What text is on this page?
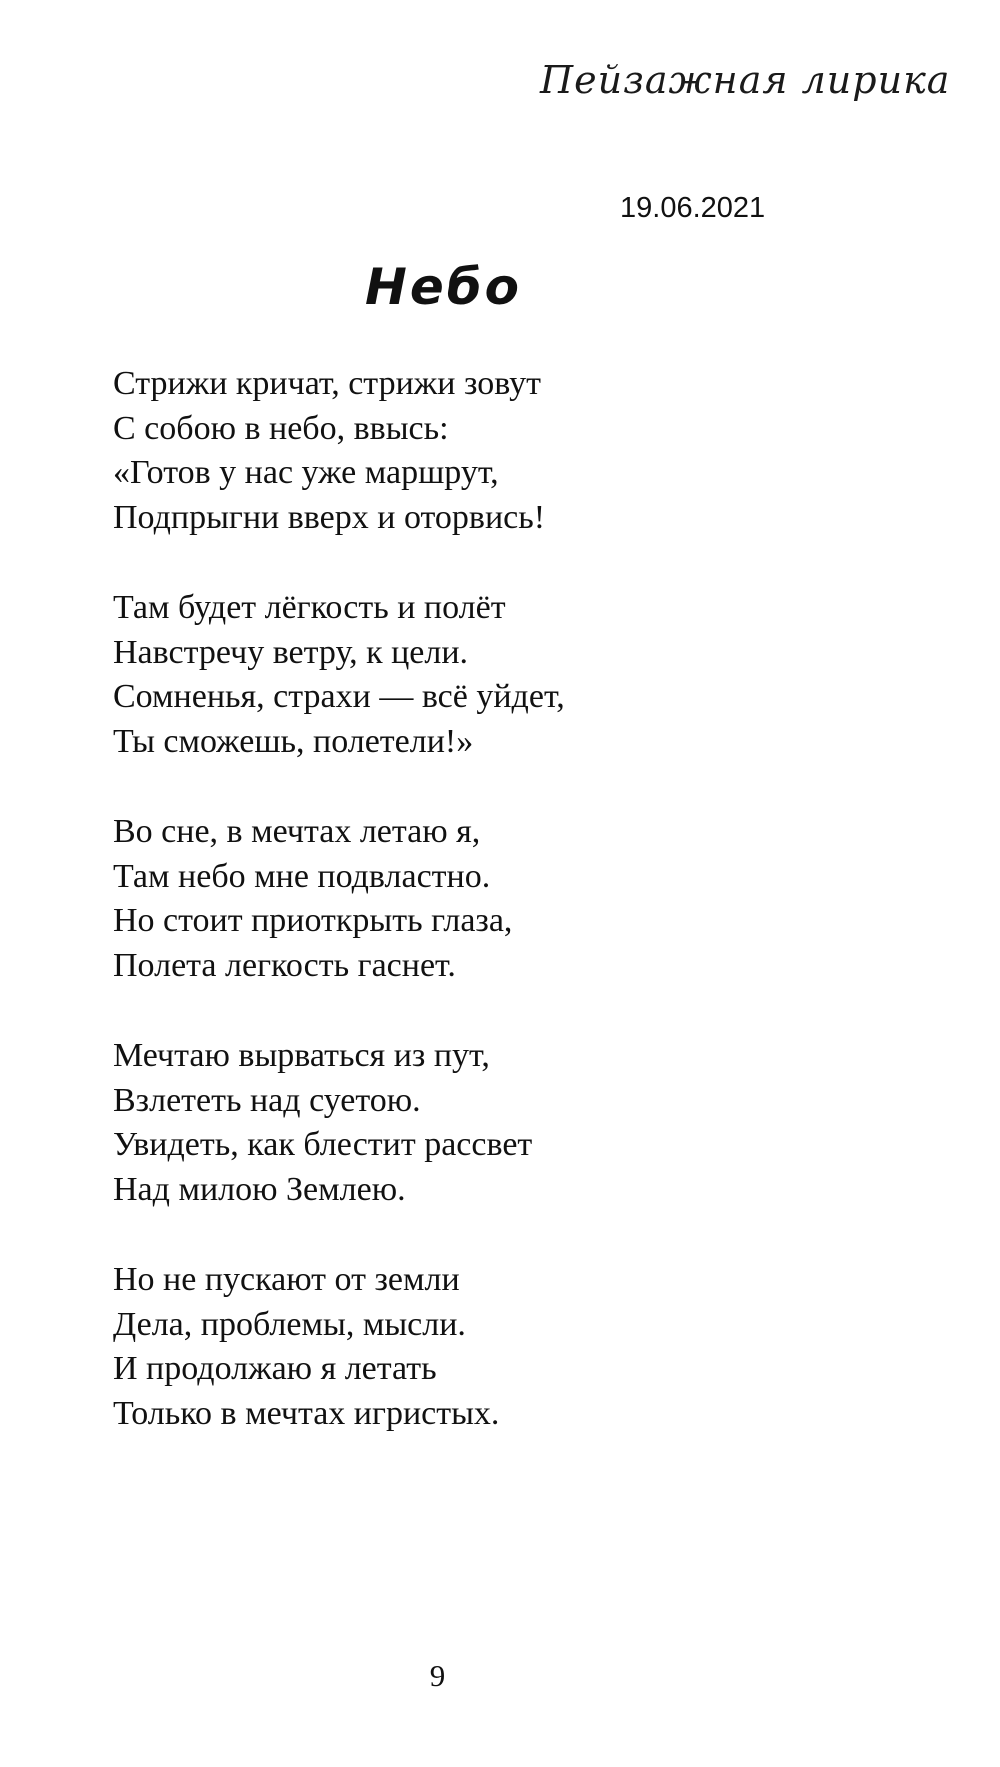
Пейзажная лирика
19.06.2021
Небо
Стрижи кричат, стрижи зовут
С собою в небо, ввысь:
«Готов у нас уже маршрут,
Подпрыгни вверх и оторвись!
Там будет лёгкость и полёт
Навстречу ветру, к цели.
Сомненья, страхи — всё уйдет,
Ты сможешь, полетели!»
Во сне, в мечтах летаю я,
Там небо мне подвластно.
Но стоит приоткрыть глаза,
Полета легкость гаснет.
Мечтаю вырваться из пут,
Взлететь над суетою.
Увидеть, как блестит рассвет
Над милою Землею.
Но не пускают от земли
Дела, проблемы, мысли.
И продолжаю я летать
Только в мечтах игристых.
9
